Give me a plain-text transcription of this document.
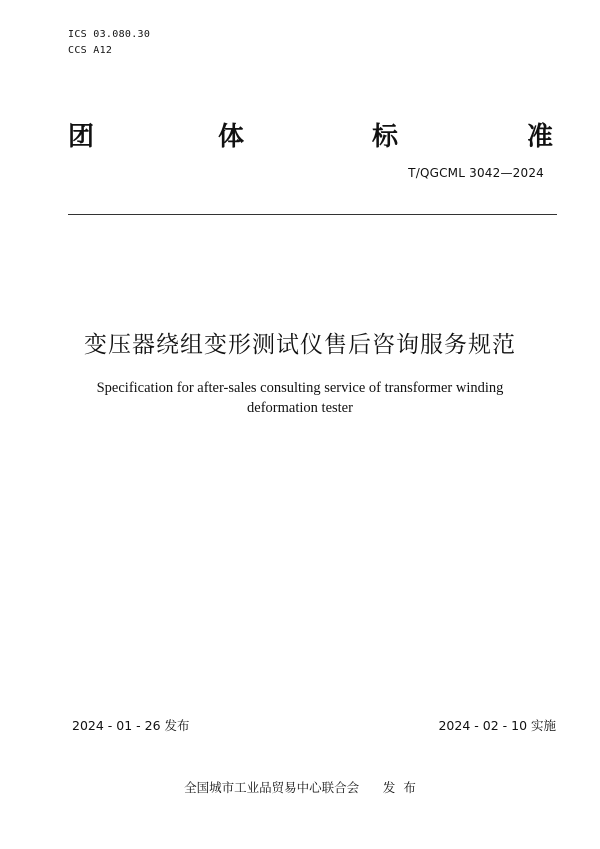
ICS 03.080.30
CCS A12
团	体	标	准
T/QGCML 3042—2024
变压器绕组变形测试仪售后咨询服务规范
Specification for after-sales consulting service of transformer winding deformation tester
2024 - 01 - 26 发布	2024 - 02 - 10 实施
全国城市工业品贸易中心联合会      发  布
